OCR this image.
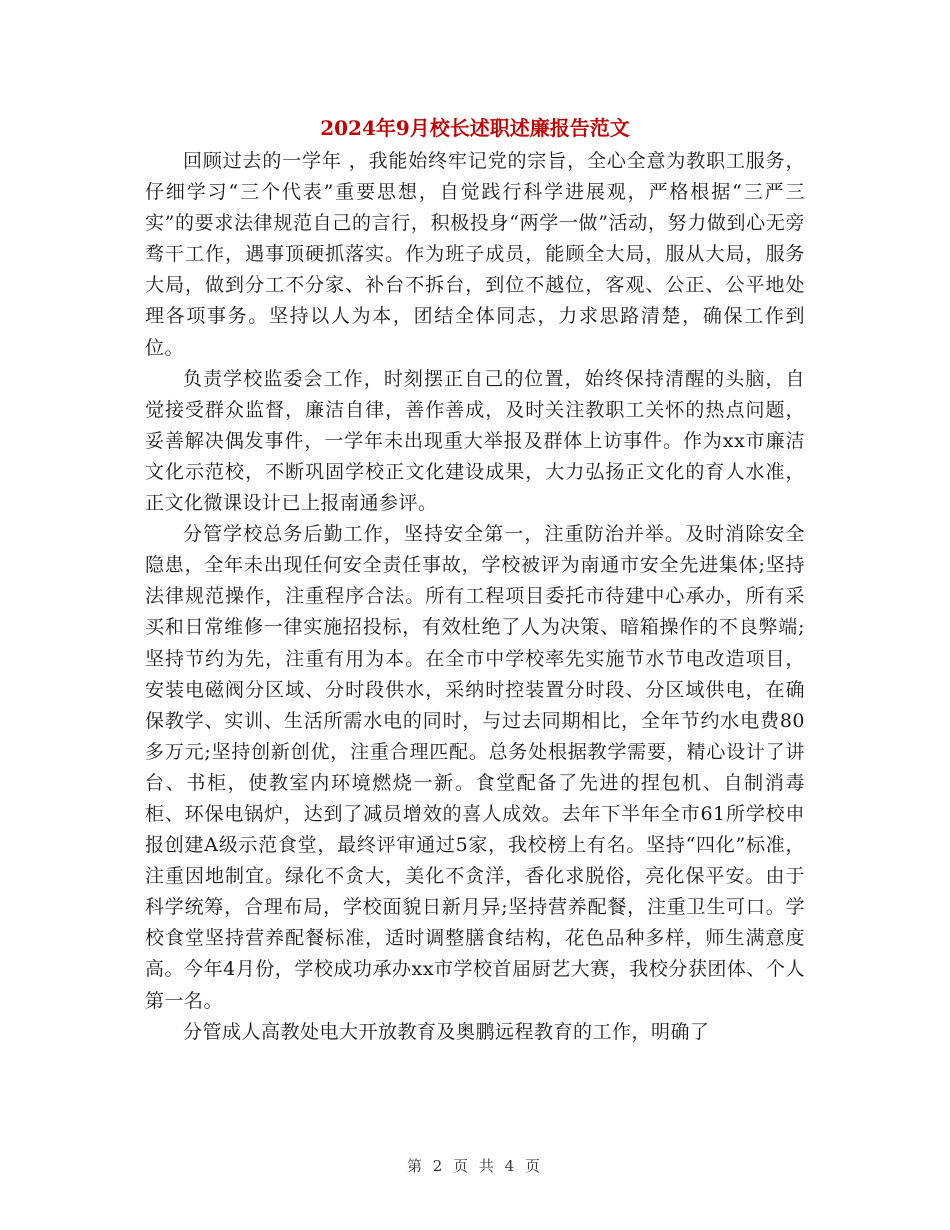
2024年9月校长述职述廉报告范文

回顾过去的一学年 ，我能始终牢记党的宗旨，全心全意为教职工服务，仔细学习“三个代表”重要思想，自觉践行科学进展观，严格根据“三严三实”的要求法律规范自己的言行，积极投身“两学一做”活动，努力做到心无旁骛干工作，遇事顶硬抓落实。作为班子成员，能顾全大局，服从大局，服务大局，做到分工不分家、补台不拆台，到位不越位，客观、公正、公平地处理各项事务。坚持以人为本，团结全体同志，力求思路清楚，确保工作到位。

负责学校监委会工作，时刻摆正自己的位置，始终保持清醒的头脑，自觉接受群众监督，廉洁自律，善作善成，及时关注教职工关怀的热点问题，妥善解决偶发事件，一学年未出现重大举报及群体上访事件。作为xx市廉洁文化示范校，不断巩固学校正文化建设成果，大力弘扬正文化的育人水准，正文化微课设计已上报南通参评。

分管学校总务后勤工作，坚持安全第一，注重防治并举。及时消除安全隐患，全年未出现任何安全责任事故，学校被评为南通市安全先进集体;坚持法律规范操作，注重程序合法。所有工程项目委托市待建中心承办，所有采买和日常维修一律实施招投标，有效杜绝了人为决策、暗箱操作的不良弊端;坚持节约为先，注重有用为本。在全市中学校率先实施节水节电改造项目，安装电磁阀分区域、分时段供水，采纳时控装置分时段、分区域供电，在确保教学、实训、生活所需水电的同时，与过去同期相比，全年节约水电费80多万元;坚持创新创优，注重合理匹配。总务处根据教学需要，精心设计了讲台、书柜，使教室内环境燃烧一新。食堂配备了先进的捏包机、自制消毒柜、环保电锅炉，达到了减员增效的喜人成效。去年下半年全市61所学校申报创建A级示范食堂，最终评审通过5家，我校榜上有名。坚持“四化”标准，注重因地制宜。绿化不贪大，美化不贪洋，香化求脱俗，亮化保平安。由于科学统筹，合理布局，学校面貌日新月异;坚持营养配餐，注重卫生可口。学校食堂坚持营养配餐标准，适时调整膳食结构，花色品种多样，师生满意度高。今年4月份，学校成功承办xx市学校首届厨艺大赛，我校分获团体、个人第一名。

分管成人高教处电大开放教育及奥鹏远程教育的工作，明确了

第 2 页 共 4 页
